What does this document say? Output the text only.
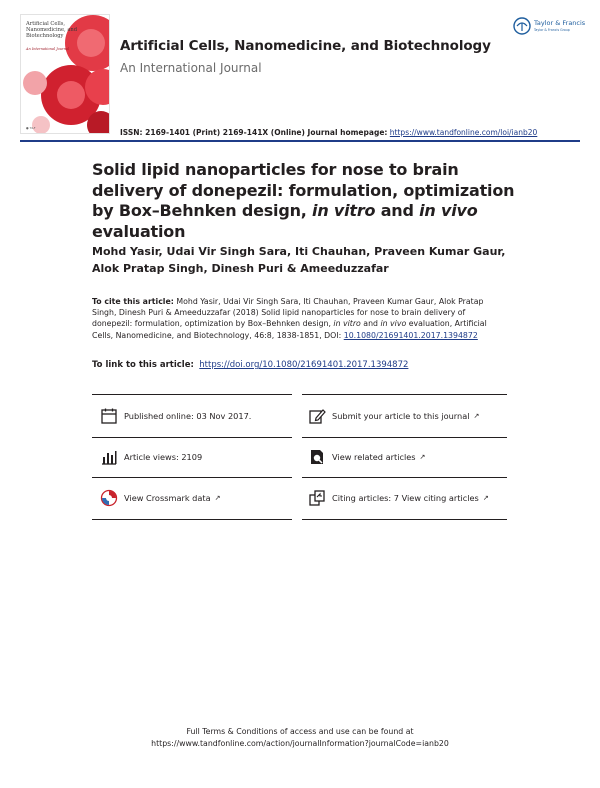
Artificial Cells, Nanomedicine, and Biotechnology
An International Journal
● T&F
Artificial Cells, Nanomedicine, and Biotechnology
An International Journal
Taylor & Francis
Taylor & Francis Group
ISSN: 2169-1401 (Print) 2169-141X (Online) Journal homepage: https://www.tandfonline.com/loi/ianb20
Solid lipid nanoparticles for nose to brain delivery of donepezil: formulation, optimization by Box–Behnken design, in vitro and in vivo evaluation
Mohd Yasir, Udai Vir Singh Sara, Iti Chauhan, Praveen Kumar Gaur, Alok Pratap Singh, Dinesh Puri & Ameeduzzafar
To cite this article: Mohd Yasir, Udai Vir Singh Sara, Iti Chauhan, Praveen Kumar Gaur, Alok Pratap Singh, Dinesh Puri & Ameeduzzafar (2018) Solid lipid nanoparticles for nose to brain delivery of donepezil: formulation, optimization by Box–Behnken design, in vitro and in vivo evaluation, Artificial Cells, Nanomedicine, and Biotechnology, 46:8, 1838-1851, DOI: 10.1080/21691401.2017.1394872
To link to this article: https://doi.org/10.1080/21691401.2017.1394872
Published online: 03 Nov 2017.	Submit your article to this journal ↗
Article views: 2109	View related articles ↗
View Crossmark data ↗	Citing articles: 7 View citing articles ↗
Full Terms & Conditions of access and use can be found at
https://www.tandfonline.com/action/journalInformation?journalCode=ianb20
